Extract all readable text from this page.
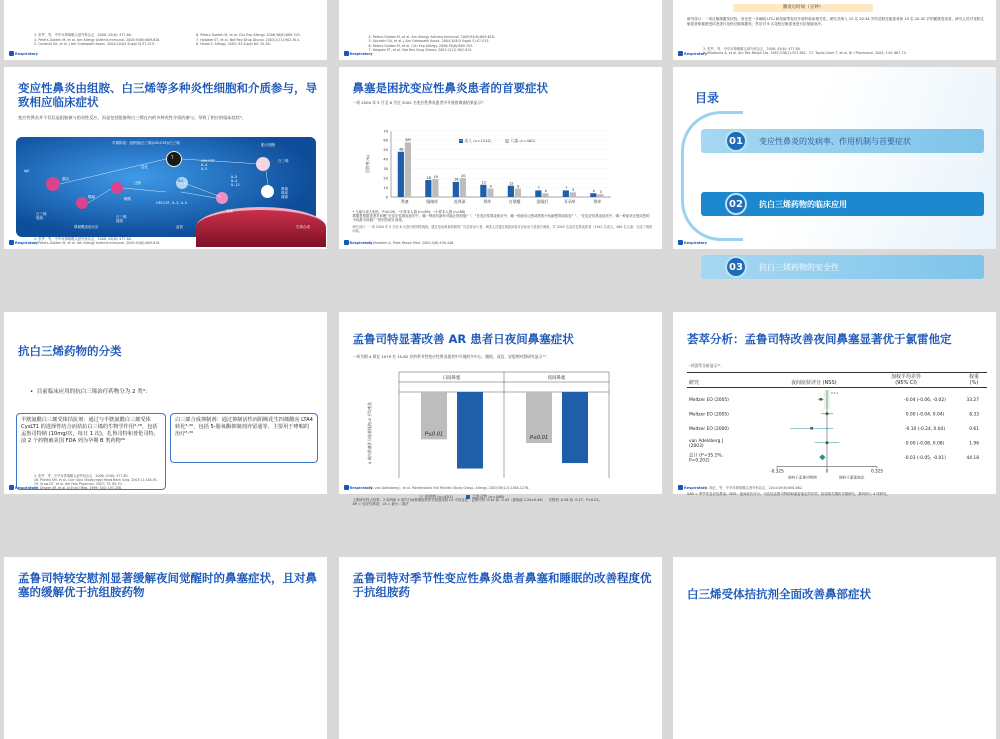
3. 张罗，等．中华耳鼻咽喉头颈外科杂志．2008; 43(6): 477-80.
4. Peters-Golden M, et al. Am Allergy Asthma Immunol. 2005;94(6):609-618.
5. Quraishi SA, et al. J Am Osteopath Assoc. 2004;104(5 Suppl 5):S7-S15.
6. Peters-Golden M, et al. Clin Exp Allergy. 2006;36(6):689-703.
7. Holgate ST, et al. Nat Rev Drug Discov. 2003;2(11):902-914.
8. Horak F. Allergy. 2003; 93 Suppl 64: 34-36.
Respiratory
4. Peters-Golden M, et al. Am Allergy Asthma Immunol. 2005;94(6):609-618.
5. Quraishi SA, et al. J Am Osteopath Assoc. 2004;104(5 Suppl 5):S7-S15.
6. Peters-Golden M, et al. Clin Exp Allergy. 2006;36(6):689-703.
7. Holgate ST, et al. Nat Rev Drug Discov. 2003;2(11):902-914.
Respiratory
激发后时间（分钟）
研究设计：一项过敏源激发试验，旨在进一步阐明 LTC₄ 和组胺等炎性介质的临床相关性。研究共纳入 10 名 20-34 岁的花粉过敏患者和 10 名 20-32 岁的健康受试者。研究人员对花粉过敏患者和健康受试者进行花粉过敏源激发，然后对 6 名花粉过敏患者进行抗组胺治疗。
3. 张罗，等．中华耳鼻咽喉头颈外科杂志．2008; 43(6): 477-80.
9. Miadonna A, et al. Am Rev Respir Dis. 1987;136(2):357-362. 27. Taylor-Clark T, et al. Br J Pharmacol. 2005; 144: 867-74.
Respiratory
变应性鼻炎由组胺、白三烯等多种炎性细胞和介质参与，导致相应临床症状
变应性鼻炎并不仅仅是组胺参与的炎性反应，而是包括组胺和白三烯在内的多种炎性介质的参与，导致了相应的临床症状³。
早期阶段：组织胺/白三烯(GM-CSF)/白三烯
T
Th2
GM-CSF
IL-4
IL-5
IL-5
IL-4
IL-13
GM-CSF, IL-3, IL-5
IgE
激活
迁移
白三烯
组胺
嗜碱	嗜酸
炎症
白三烯
组胺
鼻黏膜炎症反应
白三烯
鼻塞
鼻痒
流涕
肥大细胞
趋化
血管	生物合成
3. 张罗，等．中华耳鼻咽喉头颈外科杂志．2008; 43(6): 477-80.
4. Peters-Golden M, et al. Am Allergy Asthma Immunol. 2005;94(6):609-618.
Respiratory
鼻塞是困扰变应性鼻炎患者的首要症状
一项 2004 年 5 月至 6 月在 2002 名变应性鼻炎患者中开展的调查结果显示⁸：
成人 (n=1542)
	儿童 (n=460)
回答率(%)
0
10
20
30
40
50
60
70
48
58*
鼻塞
18 19
眼睛痒
16
20
流鼻涕
13
9
鼻痒
12
9
打喷嚏
7
4
流眼泪
7 5
耳朵痒
4 3
鼻痒
* 儿童与成人相比，P<0.05；⁺小样本人群 (n=69)；⁺小样本人群 (n=68)
数据是根据患者对问题“在变应性鼻炎症状中，哪一种症状最有可能让您烦恼？”、“在变应性鼻炎症状中，哪一种症状让您或您的小孩最想得到改变？”、“在变应性鼻炎症状中，哪一种症状让您或您的小孩最为烦恼？”的回答统计而得。
研究设计：一项 2004 年 5 月至 6 月进行的网络调查。通过电话调查和网络广告征募参与者。调查人员通过调查问卷对目标参与者进行调查。共 2002 名变应性鼻炎患者（1542 名成人，460 名儿童）完成了调查问卷。
8. Shedden A. Treat Respir Med. 2005;4(6):439-446.
Respiratory
目录
01	变应性鼻炎的发病率、作用机制与首要症状
02	抗白三烯药物的临床应用
03	抗白三烯药物的安全性
Respiratory
抗白三烯药物的分类
•  目前临床应用的抗白三烯治疗药物分为 2 类³：
半胱氨酰白三烯受体拮抗剂：通过与半胱氨酰白三烯受体 CysLT1 的选择性结合而拮抗白三烯的生物学作用³·²⁸，包括孟鲁司特钠 (10mg/次，每日 1 次)，扎鲁司特和普伦司特，前 2 个药物被美国 FDA 列为孕期 B 类药物²⁹
白三烯合成抑制剂：通过抑制活性而阻断花生四烯酸向 LTA4 转化³·³⁰，包括 5-脂氧酶抑制剂齐留通等，主要用于哮喘的治疗³·³⁰
3. 张罗，等．中华耳鼻咽喉头颈外科杂志．2008; 43(6): 477-80.
28. Plaritsi SM, et al. Curr Opin Otolaryngol Head Neck Surg. 2003;11:184-91.
29. Scow DT, et al. Am Fam Physician. 2007; 75: 65-70.
30. Drazen JM, et al. N Engl J Med. 1999; 340: 197-206.
Respiratory
孟鲁司特显著改善 AR 患者日夜间鼻塞症状
一项为期 4 周在 1079 名 15-82 岁的季节性变应性鼻炎患者中开展的多中心、随机、双盲、安慰剂对照研究显示¹⁰：
4 周内鼻塞评分较基线的LS 平均变化
日间鼻塞
P≤0.01
夜间鼻塞
P≤0.01
安慰剂 (n=451)
	孟鲁司特 (n=448)
主要研究终点结果：2 周内和 4 周内日间鼻塞症状评分较基线的 LS 平均变化：孟鲁司特 -0.42 和 -0.43（基线值 2.20±0.46），安慰剂 -0.26 和 -0.27；P<0.01。
AR = 变应性鼻炎；LS = 最小二乘法
10. van Adelsberg J, et al. Montelukast Fall Rhinitis Study Group. Allergy. 2003;58(12):1268-1276.
Respiratory
荟萃分析：孟鲁司特改善夜间鼻塞显著优于氯雷他定
一项荟萃分析显示¹¹：
研究	夜间症状评分 (NSS)
加权平均差异
(95% CI)
权重
(%)
0 0.1
Meltzer EO (2005)	-0.04 (-0.06, -0.02)	33.27
Meltzer EO (2005)	0.00 (-0.04, 0.04)	8.33
Meltzer EO (2000)	-0.10 (-0.24, 0.04)	0.61
van Adelsberg J
(2003)	0.00 (-0.08, 0.08)	1.96
总计 (I²=35.1%,
P=0.202)	-0.03 (-0.05, -0.01)	44.18
-0.325	0	0.325
倾向于孟鲁司特钠	倾向于氯雷他定
SAR = 季节性变应性鼻炎；NSS：夜间症状评分。为比较孟鲁司特钠和氯雷他定的疗效，检索相关随机对照研究，最终纳入 4 项研究。
11. 施红，等．中华耳鼻咽喉头颈外科杂志．2014;49(8):658-662.
Respiratory
孟鲁司特较安慰剂显著缓解夜间觉醒时的鼻塞症状，且对鼻塞的缓解优于抗组胺药物
孟鲁司特对季节性变应性鼻炎患者鼻塞和睡眠的改善程度优于抗组胺药	白三烯受体拮抗剂全面改善鼻部症状
